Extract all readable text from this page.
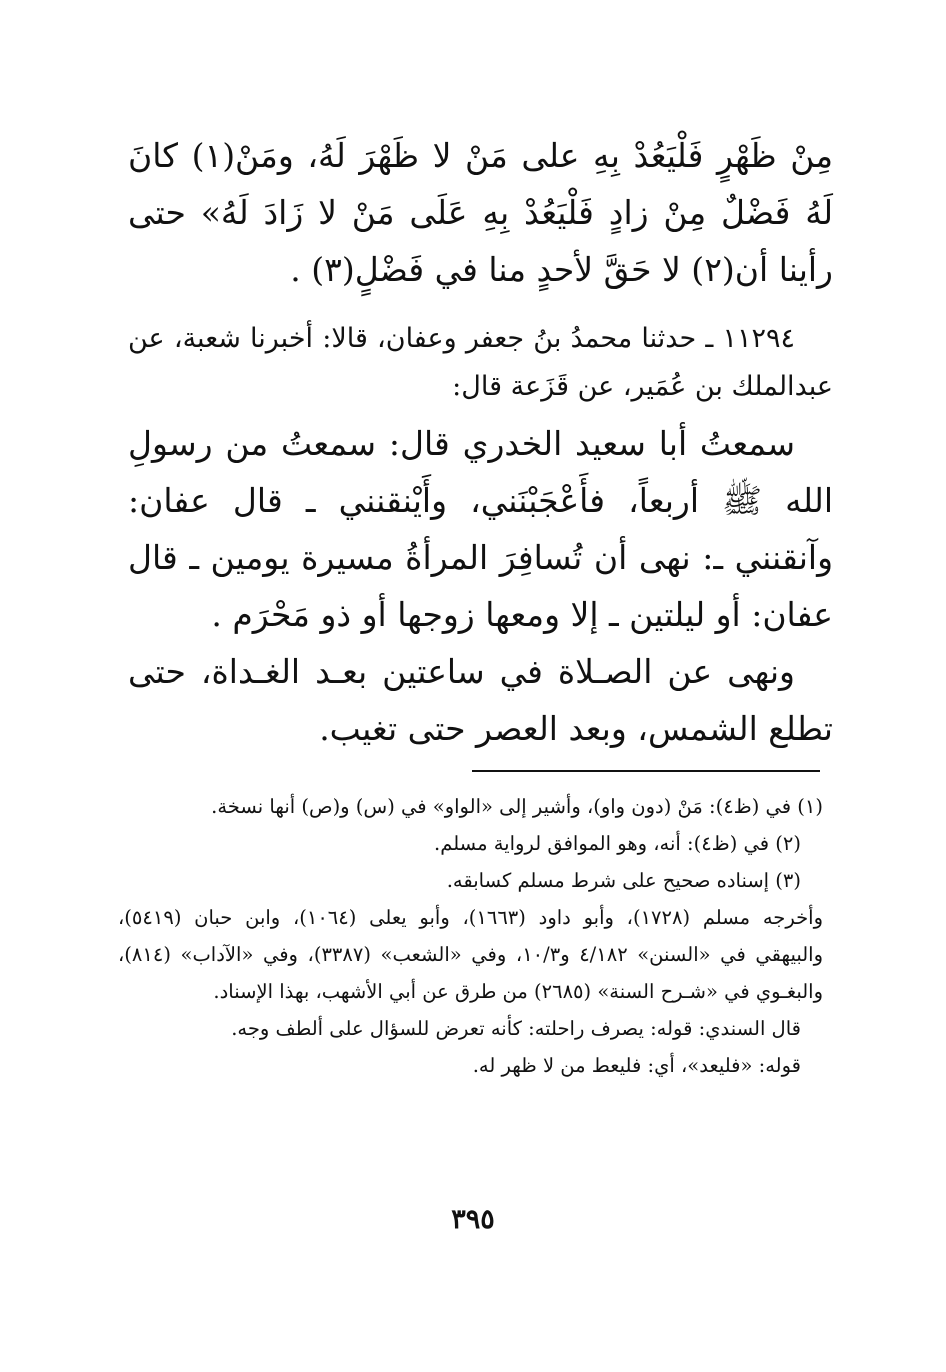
مِنْ ظَهْرٍ فَلْيَعُدْ بِهِ على مَنْ لا ظَهْرَ لَهُ، ومَنْ(١) كانَ لَهُ فَضْلٌ مِنْ زادٍ فَلْيَعُدْ بِهِ عَلَى مَنْ لا زَادَ لَهُ» حتى رأينا أن(٢) لا حَقَّ لأحدٍ منا في فَضْلٍ(٣) .

١١٢٩٤ ـ حدثنا محمدُ بنُ جعفر وعفان، قالا: أخبرنا شعبة، عن عبدالملك بن عُمَير، عن قَزَعة قال:

سمعتُ أبا سعيد الخدري قال: سمعتُ من رسولِ الله ﷺ أربعاً، فأَعْجَبْنَني، وأَيْنقنني ـ قال عفان: وآنقنني ـ: نهى أن تُسافِرَ المرأةُ مسيرة يومين ـ قال عفان: أو ليلتين ـ إلا ومعها زوجها أو ذو مَحْرَم .

ونهى عن الصـلاة في ساعتين بعـد الغـداة، حتى تطلع الشمس، وبعد العصر حتى تغيب.

(١) في (ظ٤): مَنْ (دون واو)، وأشير إلى «الواو» في (س) و(ص) أنها نسخة.

(٢) في (ظ٤): أنه، وهو الموافق لرواية مسلم.

(٣) إسناده صحيح على شرط مسلم كسابقه.

وأخرجه مسلم (١٧٢٨)، وأبو داود (١٦٦٣)، وأبو يعلى (١٠٦٤)، وابن حبان (٥٤١٩)، والبيهقي في «السنن» ٤/١٨٢ و١٠/٣، وفي «الشعب» (٣٣٨٧)، وفي «الآداب» (٨١٤)، والبغـوي في «شـرح السنة» (٢٦٨٥) من طرق عن أبي الأشهب، بهذا الإسناد.

قال السندي: قوله: يصرف راحلته: كأنه تعرض للسؤال على ألطف وجه.

قوله: «فليعد»، أي: فليعط من لا ظهر له.

٣٩٥
